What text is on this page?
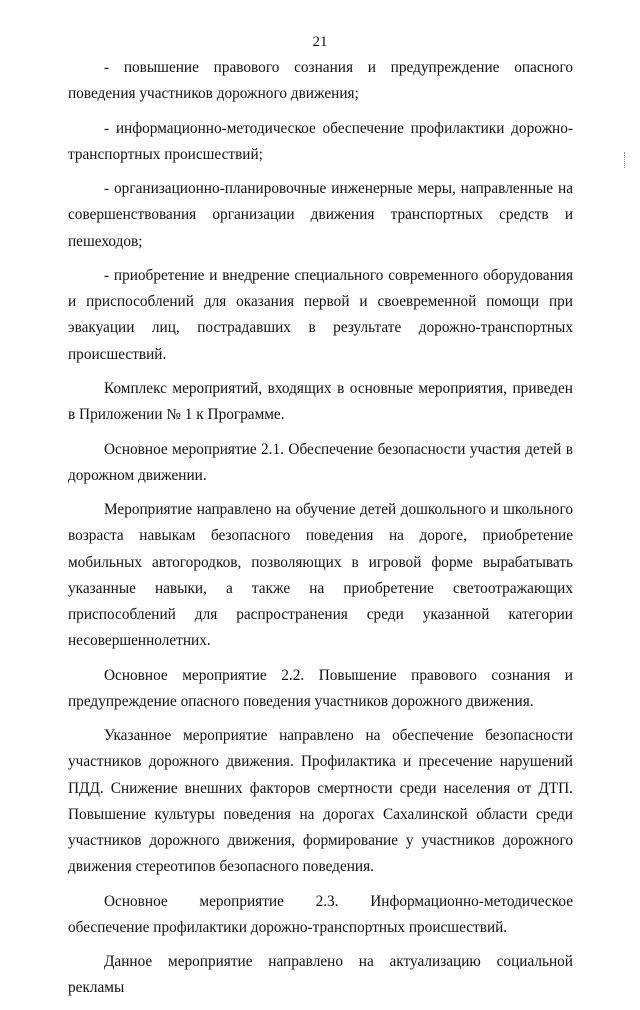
21

- повышение правового сознания и предупреждение опасного поведения участников дорожного движения;

- информационно-методическое обеспечение профилактики дорожно-транспортных происшествий;

- организационно-планировочные инженерные меры, направленные на совершенствования организации движения транспортных средств и пешеходов;

- приобретение и внедрение специального современного оборудования и приспособлений для оказания первой и своевременной помощи при эвакуации лиц, пострадавших в результате дорожно-транспортных происшествий.

Комплекс мероприятий, входящих в основные мероприятия, приведен в Приложении № 1 к Программе.

Основное мероприятие 2.1. Обеспечение безопасности участия детей в дорожном движении.

Мероприятие направлено на обучение детей дошкольного и школьного возраста навыкам безопасного поведения на дороге, приобретение мобильных автогородков, позволяющих в игровой форме вырабатывать указанные навыки, а также на приобретение светоотражающих приспособлений для распространения среди указанной категории несовершеннолетних.

Основное мероприятие 2.2. Повышение правового сознания и предупреждение опасного поведения участников дорожного движения.

Указанное мероприятие направлено на обеспечение безопасности участников дорожного движения. Профилактика и пресечение нарушений ПДД. Снижение внешних факторов смертности среди населения от ДТП. Повышение культуры поведения на дорогах Сахалинской области среди участников дорожного движения, формирование у участников дорожного движения стереотипов безопасного поведения.

Основное мероприятие 2.3. Информационно-методическое обеспечение профилактики дорожно-транспортных происшествий.

Данное мероприятие направлено на актуализацию социальной рекламы
